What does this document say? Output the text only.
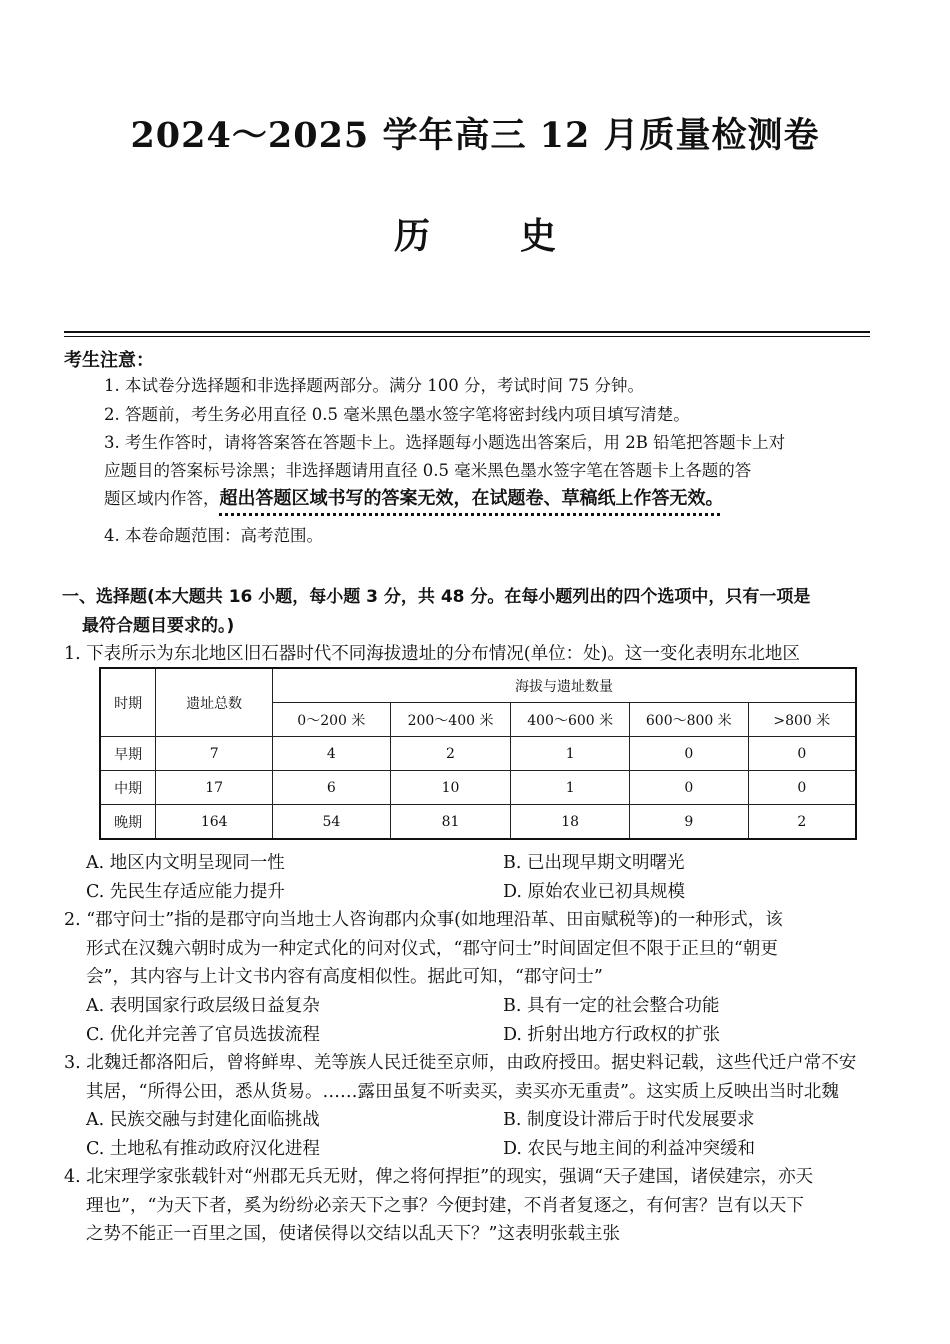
2024～2025 学年高三 12 月质量检测卷
历史
考生注意：
1. 本试卷分选择题和非选择题两部分。满分 100 分，考试时间 75 分钟。
2. 答题前，考生务必用直径 0.5 毫米黑色墨水签字笔将密封线内项目填写清楚。
3. 考生作答时，请将答案答在答题卡上。选择题每小题选出答案后，用 2B 铅笔把答题卡上对
应题目的答案标号涂黑；非选择题请用直径 0.5 毫米黑色墨水签字笔在答题卡上各题的答
题区域内作答，超出答题区域书写的答案无效，在试题卷、草稿纸上作答无效。
4. 本卷命题范围：高考范围。
一、选择题(本大题共 16 小题，每小题 3 分，共 48 分。在每小题列出的四个选项中，只有一项是
最符合题目要求的。)
1. 下表所示为东北地区旧石器时代不同海拔遗址的分布情况(单位：处)。这一变化表明东北地区
时期	遗址总数	海拔与遗址数量				
		0～200 米	200～400 米	400～600 米	600～800 米	>800 米
早期	7	4	2	1	0	0
中期	17	6	10	1	0	0
晚期	164	54	81	18	9	2
A. 地区内文明呈现同一性	B. 已出现早期文明曙光
C. 先民生存适应能力提升	D. 原始农业已初具规模
2. “郡守问士”指的是郡守向当地士人咨询郡内众事(如地理沿革、田亩赋税等)的一种形式，该
形式在汉魏六朝时成为一种定式化的问对仪式，“郡守问士”时间固定但不限于正旦的“朝更
会”，其内容与上计文书内容有高度相似性。据此可知，“郡守问士”
A. 表明国家行政层级日益复杂	B. 具有一定的社会整合功能
C. 优化并完善了官员选拔流程	D. 折射出地方行政权的扩张
3. 北魏迁都洛阳后，曾将鲜卑、羌等族人民迁徙至京师，由政府授田。据史料记载，这些代迁户常不安
其居，“所得公田，悉从货易。……露田虽复不听卖买，卖买亦无重责”。这实质上反映出当时北魏
A. 民族交融与封建化面临挑战	B. 制度设计滞后于时代发展要求
C. 土地私有推动政府汉化进程	D. 农民与地主间的利益冲突缓和
4. 北宋理学家张载针对“州郡无兵无财，俾之将何捍拒”的现实，强调“天子建国，诸侯建宗，亦天
理也”，“为天下者，奚为纷纷必亲天下之事？今便封建，不肖者复逐之，有何害？岂有以天下
之势不能正一百里之国，使诸侯得以交结以乱天下？”这表明张载主张
